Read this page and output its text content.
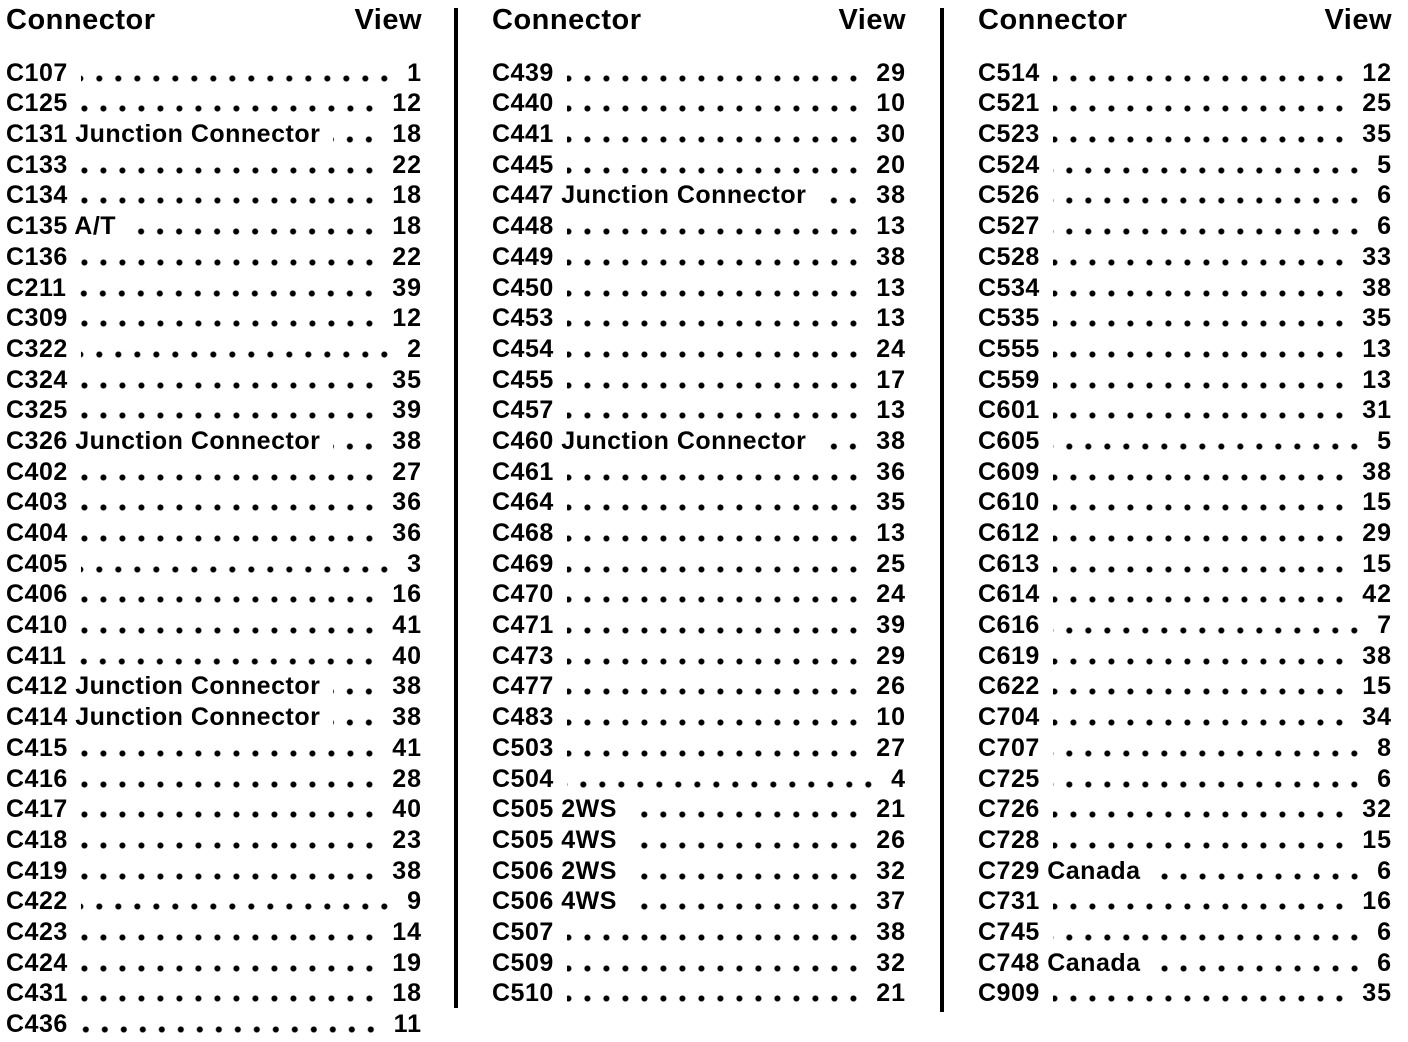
Connector	View
C107	1
C125	12
C131 Junction Connector	18
C133	22
C134	18
C135 A/T	18
C136	22
C211	39
C309	12
C322	2
C324	35
C325	39
C326 Junction Connector	38
C402	27
C403	36
C404	36
C405	3
C406	16
C410	41
C411	40
C412 Junction Connector	38
C414 Junction Connector	38
C415	41
C416	28
C417	40
C418	23
C419	38
C422	9
C423	14
C424	19
C431	18
C436	11
Connector	View
C439	29
C440	10
C441	30
C445	20
C447 Junction Connector	38
C448	13
C449	38
C450	13
C453	13
C454	24
C455	17
C457	13
C460 Junction Connector	38
C461	36
C464	35
C468	13
C469	25
C470	24
C471	39
C473	29
C477	26
C483	10
C503	27
C504	4
C505 2WS	21
C505 4WS	26
C506 2WS	32
C506 4WS	37
C507	38
C509	32
C510	21
Connector	View
C514	12
C521	25
C523	35
C524	5
C526	6
C527	6
C528	33
C534	38
C535	35
C555	13
C559	13
C601	31
C605	5
C609	38
C610	15
C612	29
C613	15
C614	42
C616	7
C619	38
C622	15
C704	34
C707	8
C725	6
C726	32
C728	15
C729 Canada	6
C731	16
C745	6
C748 Canada	6
C909	35
